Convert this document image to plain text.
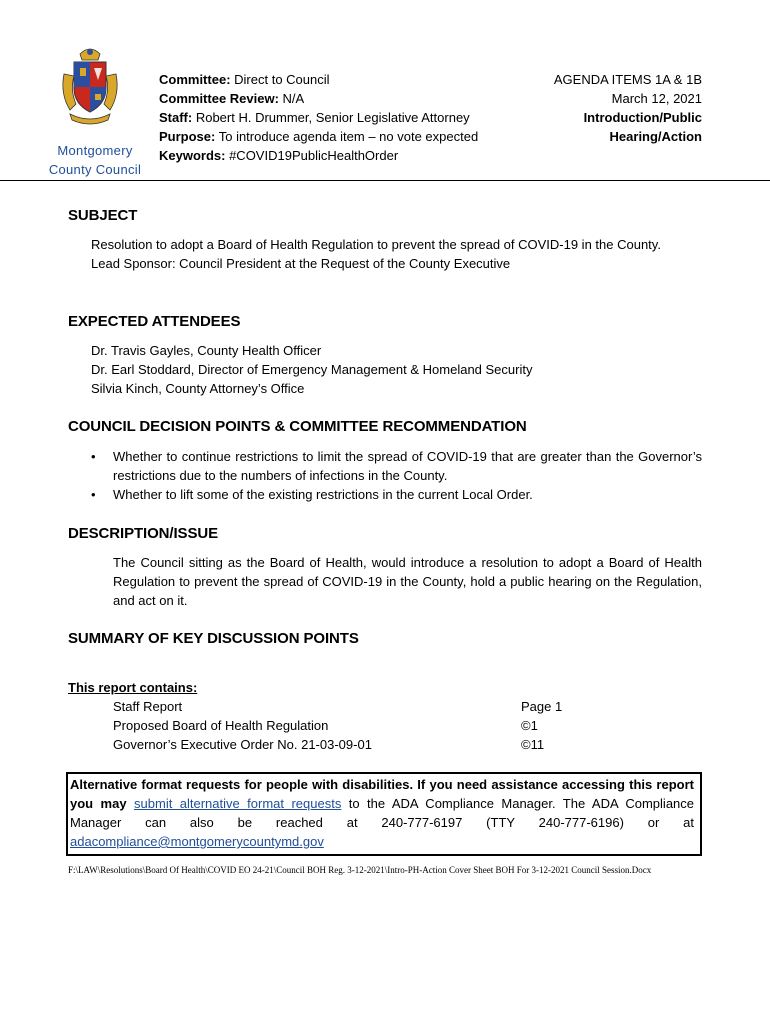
Montgomery
County Council
Committee: Direct to Council
Committee Review: N/A
Staff: Robert H. Drummer, Senior Legislative Attorney
Purpose: To introduce agenda item – no vote expected
Keywords: #COVID19PublicHealthOrder
AGENDA ITEMS 1A & 1B
March 12, 2021
Introduction/Public
Hearing/Action
SUBJECT
Resolution to adopt a Board of Health Regulation to prevent the spread of COVID-19 in the County.
Lead Sponsor: Council President at the Request of the County Executive
EXPECTED ATTENDEES
Dr. Travis Gayles, County Health Officer
Dr. Earl Stoddard, Director of Emergency Management & Homeland Security
Silvia Kinch, County Attorney’s Office
COUNCIL DECISION POINTS & COMMITTEE RECOMMENDATION
• Whether to continue restrictions to limit the spread of COVID-19 that are greater than the Governor’s restrictions due to the numbers of infections in the County.
• Whether to lift some of the existing restrictions in the current Local Order.
DESCRIPTION/ISSUE
The Council sitting as the Board of Health, would introduce a resolution to adopt a Board of Health Regulation to prevent the spread of COVID-19 in the County, hold a public hearing on the Regulation, and act on it.
SUMMARY OF KEY DISCUSSION POINTS
This report contains:
Staff Report	Page 1
Proposed Board of Health Regulation	©1
Governor’s Executive Order No. 21-03-09-01	©11
Alternative format requests for people with disabilities. If you need assistance accessing this report you may submit alternative format requests to the ADA Compliance Manager. The ADA Compliance Manager can also be reached at 240-777-6197 (TTY 240-777-6196) or at adacompliance@montgomerycountymd.gov
F:\LAW\Resolutions\Board Of Health\COVID EO 24-21\Council BOH Reg. 3-12-2021\Intro-PH-Action Cover Sheet BOH For 3-12-2021 Council Session.Docx
